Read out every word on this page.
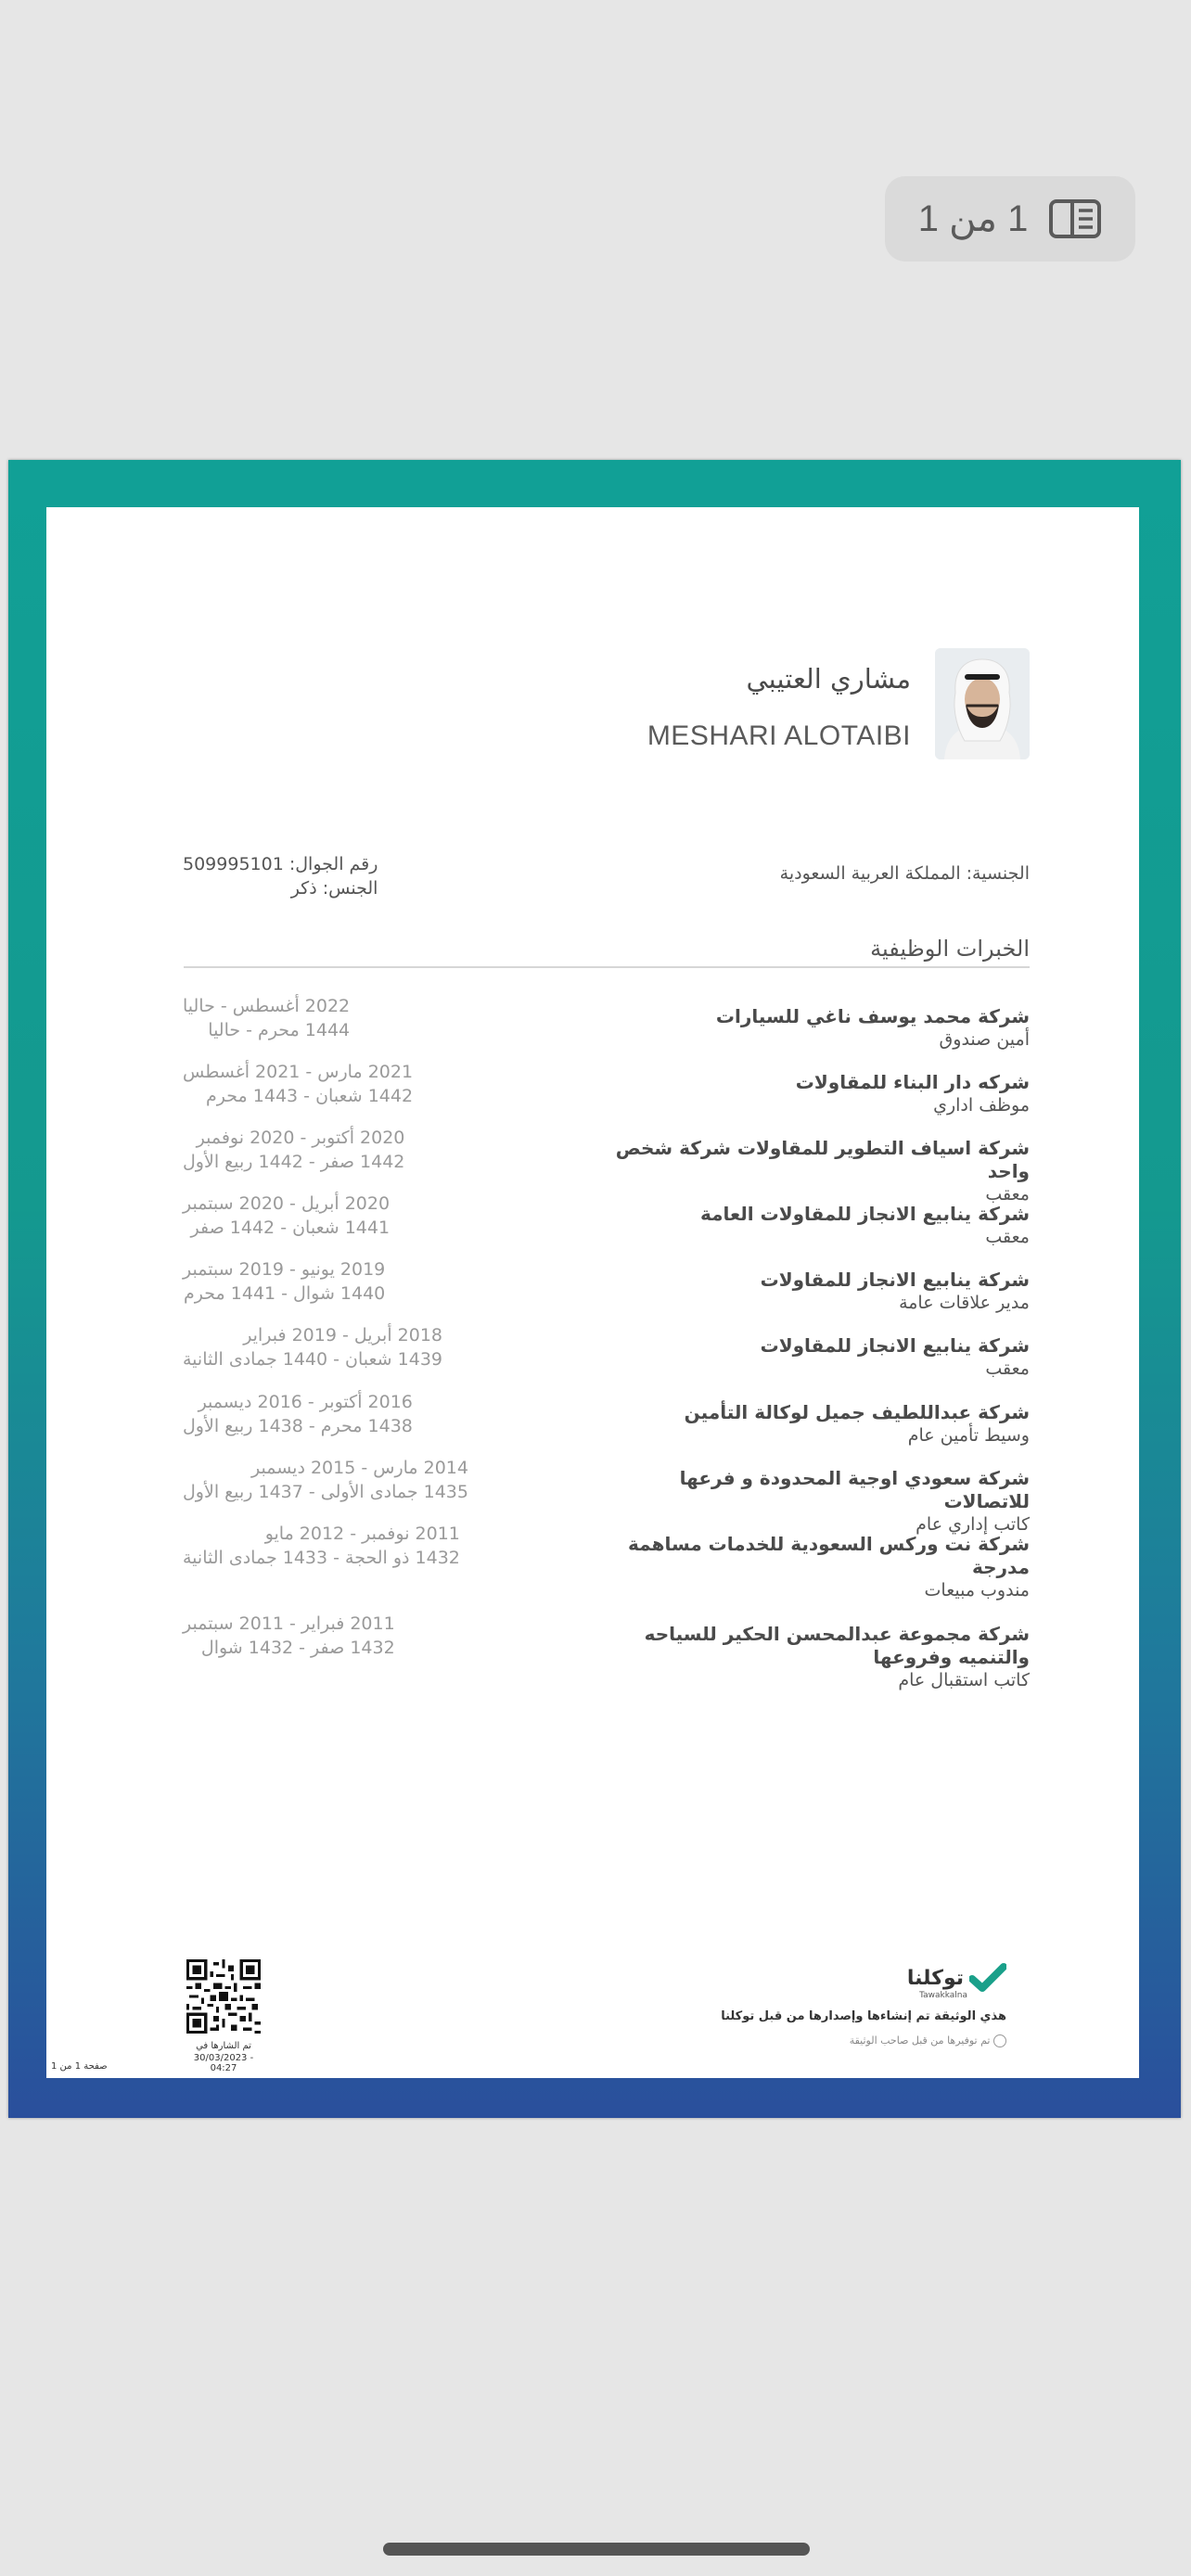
1 من 1
مشاري العتيبي
MESHARI ALOTAIBI
الجنسية: المملكة العربية السعودية
رقم الجوال: 509995101
الجنس: ذكر
الخبرات الوظيفية
شركة محمد يوسف ناغي للسيارات
أمين صندوق
2022 أغسطس - حاليا
1444 محرم - حاليا
شركه دار البناء للمقاولات
موظف اداري
2021 مارس - 2021 أغسطس
1442 شعبان - 1443 محرم
شركة اسياف التطوير للمقاولات شركة شخص واحد
معقب
2020 أكتوبر - 2020 نوفمبر
1442 صفر - 1442 ربيع الأول
شركة ينابيع الانجاز للمقاولات العامة
معقب
2020 أبريل - 2020 سبتمبر
1441 شعبان - 1442 صفر
شركة ينابيع الانجاز للمقاولات
مدير علاقات عامة
2019 يونيو - 2019 سبتمبر
1440 شوال - 1441 محرم
شركة ينابيع الانجاز للمقاولات
معقب
2018 أبريل - 2019 فبراير
1439 شعبان - 1440 جمادى الثانية
شركة عبداللطيف جميل لوكالة التأمين
وسيط تأمين عام
2016 أكتوبر - 2016 ديسمبر
1438 محرم - 1438 ربيع الأول
شركة سعودي اوجية المحدودة و فرعها للاتصالات
كاتب إداري عام
2014 مارس - 2015 ديسمبر
1435 جمادى الأولى - 1437 ربيع الأول
شركة نت وركس السعودية للخدمات مساهمة مدرجة
مندوب مبيعات
2011 نوفمبر - 2012 مايو
1432 ذو الحجة - 1433 جمادى الثانية
شركة مجموعة عبدالمحسن الحكير للسياحه والتنميه وفروعها
كاتب استقبال عام
2011 فبراير - 2011 سبتمبر
1432 صفر - 1432 شوال
توكلنا
Tawakkalna
هذي الوثيقة تم إنشاءها وإصدارها من قبل توكلنا
تم توفيرها من قبل صاحب الوثيقة
تم الشارها في
30/03/2023 - 04:27
صفحة 1 من 1
